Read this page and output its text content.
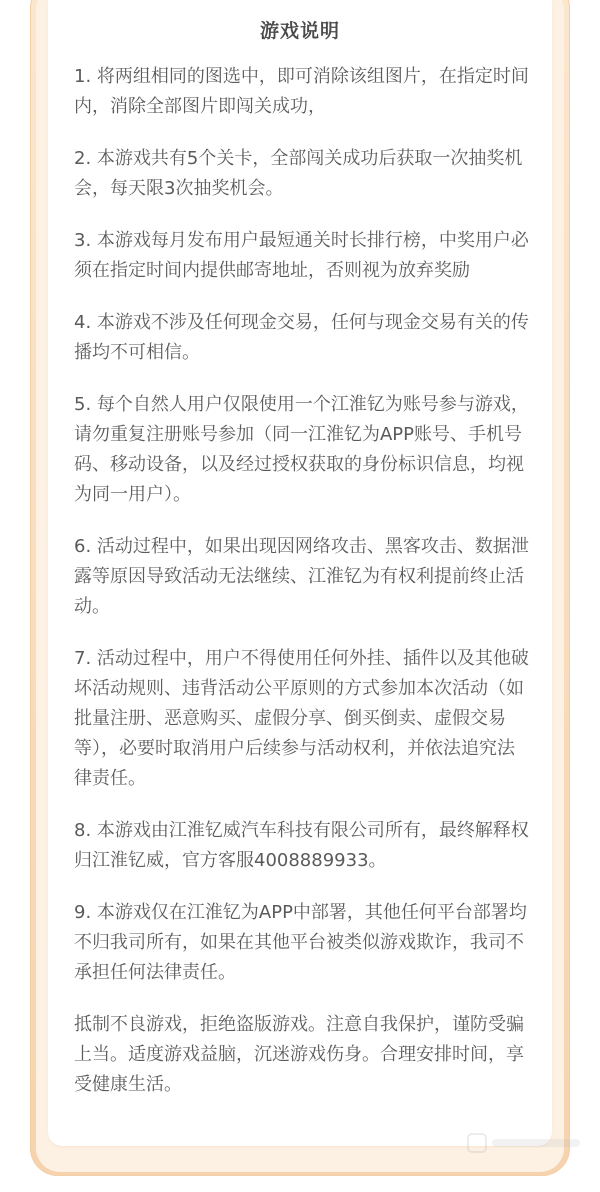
游戏说明

1. 将两组相同的图选中，即可消除该组图片，在指定时间内，消除全部图片即闯关成功，

2. 本游戏共有5个关卡，全部闯关成功后获取一次抽奖机会，每天限3次抽奖机会。

3. 本游戏每月发布用户最短通关时长排行榜，中奖用户必须在指定时间内提供邮寄地址，否则视为放弃奖励

4. 本游戏不涉及任何现金交易，任何与现金交易有关的传播均不可相信。

5. 每个自然人用户仅限使用一个江淮钇为账号参与游戏，请勿重复注册账号参加（同一江淮钇为APP账号、手机号码、移动设备，以及经过授权获取的身份标识信息，均视为同一用户）。

6. 活动过程中，如果出现因网络攻击、黑客攻击、数据泄露等原因导致活动无法继续、江淮钇为有权利提前终止活动。

7. 活动过程中，用户不得使用任何外挂、插件以及其他破坏活动规则、违背活动公平原则的方式参加本次活动（如批量注册、恶意购买、虚假分享、倒买倒卖、虚假交易等），必要时取消用户后续参与活动权利，并依法追究法律责任。

8. 本游戏由江淮钇威汽车科技有限公司所有，最终解释权归江淮钇威，官方客服4008889933。

9. 本游戏仅在江淮钇为APP中部署，其他任何平台部署均不归我司所有，如果在其他平台被类似游戏欺诈，我司不承担任何法律责任。

抵制不良游戏，拒绝盗版游戏。注意自我保护，谨防受骗上当。适度游戏益脑，沉迷游戏伤身。合理安排时间，享受健康生活。
